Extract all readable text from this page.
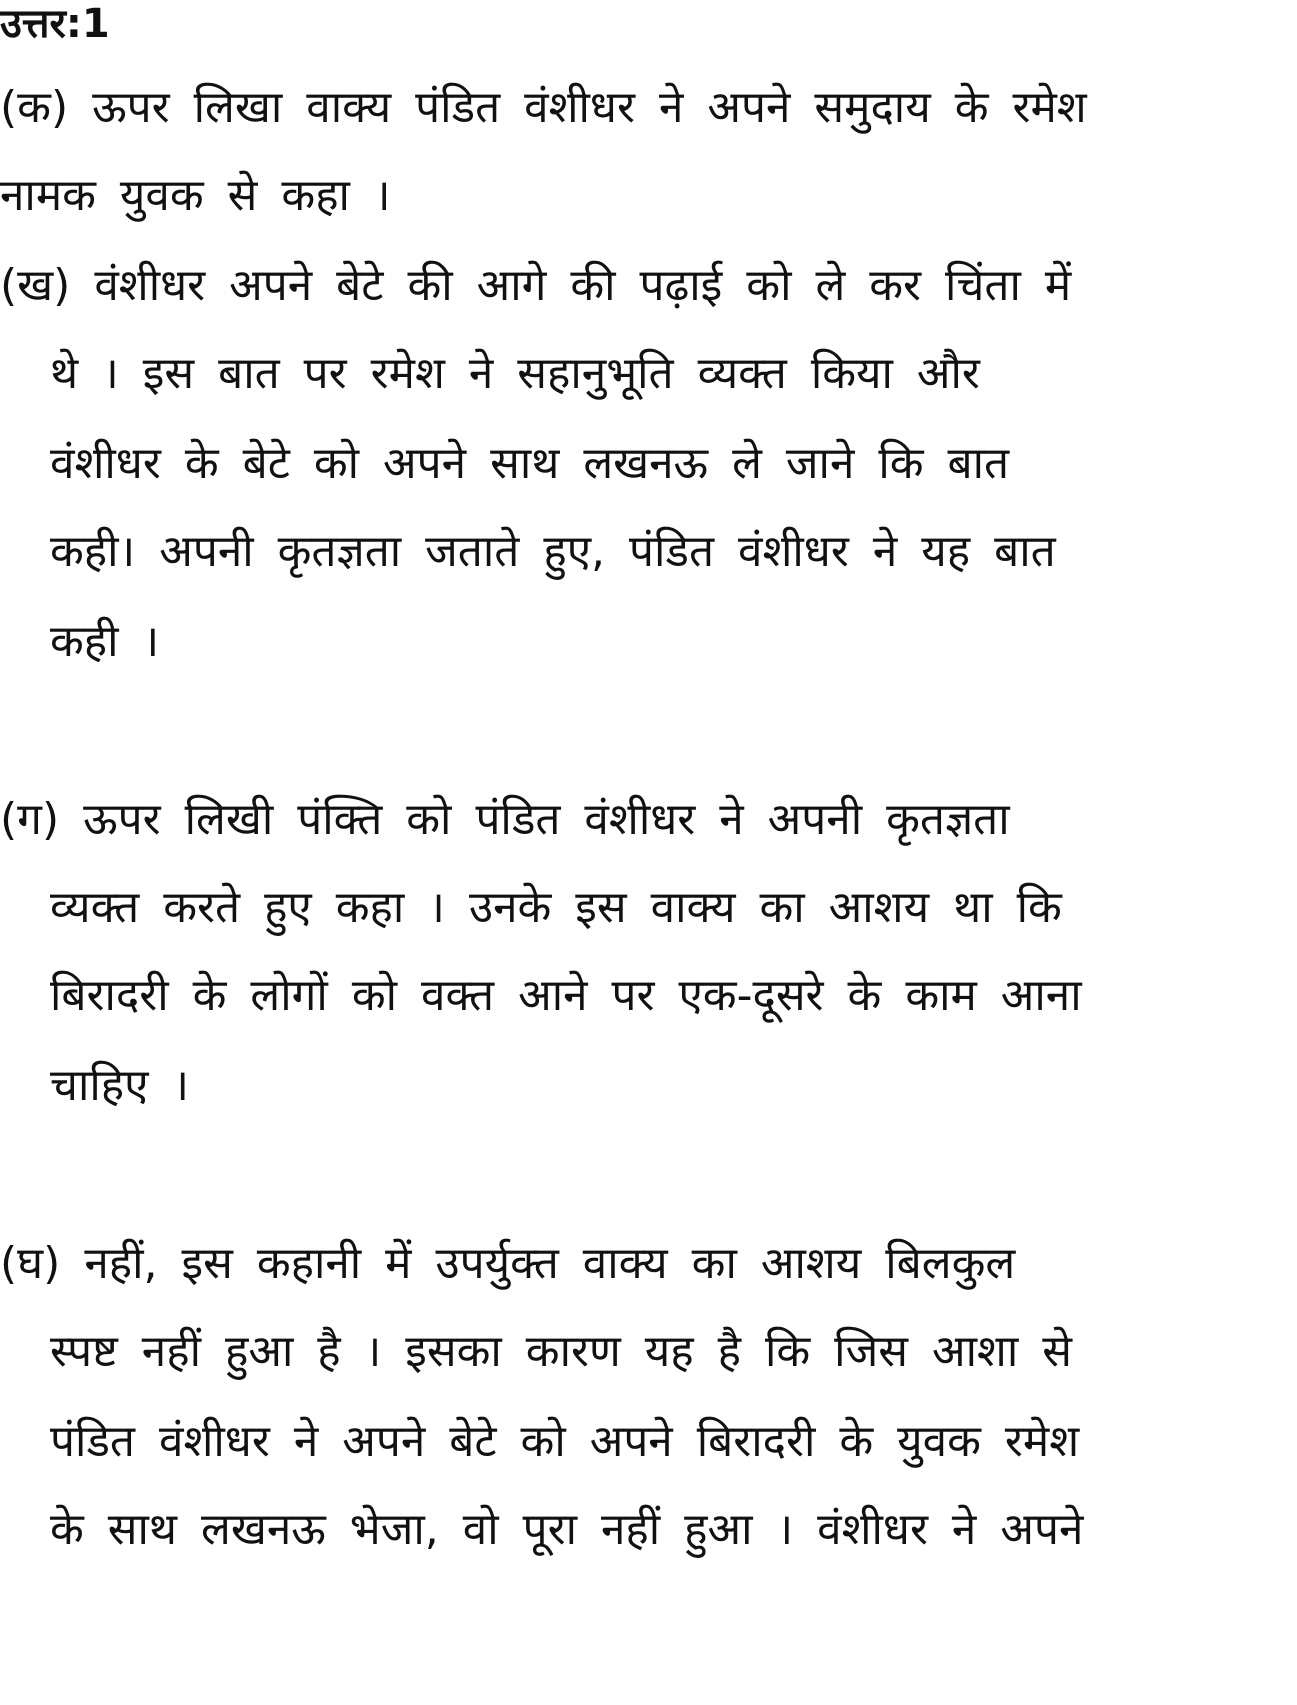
उत्तर:1
(क) ऊपर लिखा वाक्य पंडित वंशीधर ने अपने समुदाय के रमेश
नामक युवक से कहा ।
(ख) वंशीधर अपने बेटे की आगे की पढ़ाई को ले कर चिंता में
थे । इस बात पर रमेश ने सहानुभूति व्यक्त किया और
वंशीधर के बेटे को अपने साथ लखनऊ ले जाने कि बात
कही। अपनी कृतज्ञता जताते हुए, पंडित वंशीधर ने यह बात
कही ।
(ग) ऊपर लिखी पंक्ति को पंडित वंशीधर ने अपनी कृतज्ञता
व्यक्त करते हुए कहा । उनके इस वाक्य का आशय था कि
बिरादरी के लोगों को वक्त आने पर एक-दूसरे के काम आना
चाहिए ।
(घ) नहीं, इस कहानी में उपर्युक्त वाक्य का आशय बिलकुल
स्पष्ट नहीं हुआ है । इसका कारण यह है कि जिस आशा से
पंडित वंशीधर ने अपने बेटे को अपने बिरादरी के युवक रमेश
के साथ लखनऊ भेजा, वो पूरा नहीं हुआ । वंशीधर ने अपने
